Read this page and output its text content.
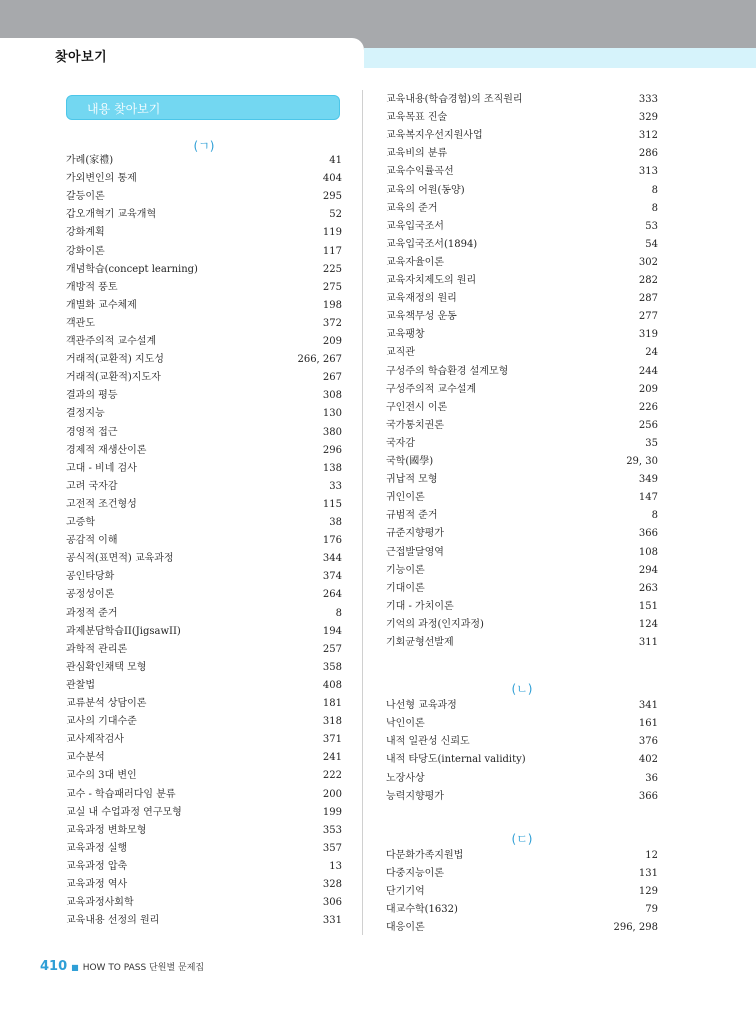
찾아보기
내용 찾아보기
(ㄱ)
가례(家禮)	41
가외변인의 통제	404
갈등이론	295
갑오개혁기 교육개혁	52
강화계획	119
강화이론	117
개념학습(concept learning)	225
개방적 풍토	275
개별화 교수체제	198
객관도	372
객관주의적 교수설계	209
거래적(교환적) 지도성	266, 267
거래적(교환적)지도자	267
결과의 평등	308
결정지능	130
경영적 접근	380
경제적 재생산이론	296
고대 - 비네 검사	138
고려 국자감	33
고전적 조건형성	115
고증학	38
공감적 이해	176
공식적(표면적) 교육과정	344
공인타당화	374
공정성이론	264
과정적 준거	8
과제분담학습II(JigsawII)	194
과학적 관리론	257
관심확인채택 모형	358
관찰법	408
교류분석 상담이론	181
교사의 기대수준	318
교사제작검사	371
교수분석	241
교수의 3대 변인	222
교수 - 학습패러다임 분류	200
교실 내 수업과정 연구모형	199
교육과정 변화모형	353
교육과정 실행	357
교육과정 압축	13
교육과정 역사	328
교육과정사회학	306
교육내용 선정의 원리	331
(ㄴ)
(ㄷ)
교육내용(학습경험)의 조직원리	333
교육목표 진술	329
교육복지우선지원사업	312
교육비의 분류	286
교육수익률곡선	313
교육의 어원(동양)	8
교육의 준거	8
교육입국조서	53
교육입국조서(1894)	54
교육자율이론	302
교육자치제도의 원리	282
교육재정의 원리	287
교육책무성 운동	277
교육팽창	319
교직관	24
구성주의 학습환경 설계모형	244
구성주의적 교수설계	209
구인전시 이론	226
국가통치권론	256
국자감	35
국학(國學)	29, 30
귀납적 모형	349
귀인이론	147
규범적 준거	8
규준지향평가	366
근접발달영역	108
기능이론	294
기대이론	263
기대 - 가치이론	151
기억의 과정(인지과정)	124
기회균형선발제	311
나선형 교육과정	341
낙인이론	161
내적 일관성 신뢰도	376
내적 타당도(internal validity)	402
노장사상	36
능력지향평가	366
다문화가족지원법	12
다중지능이론	131
단기기억	129
대교수학(1632)	79
대응이론	296, 298
410 ■ HOW TO PASS 단원별 문제집
